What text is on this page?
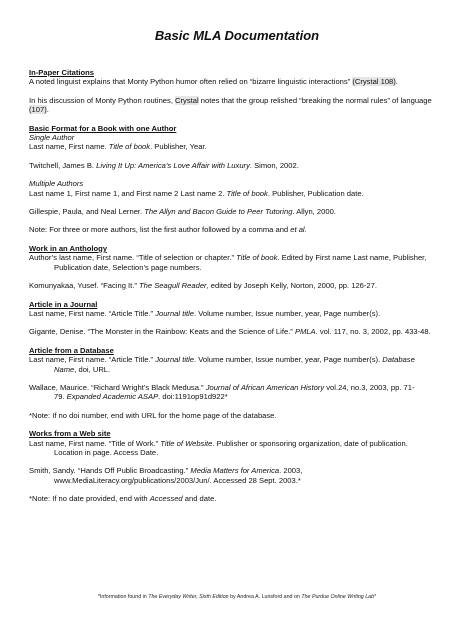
Basic MLA Documentation
In-Paper Citations
A noted linguist explains that Monty Python humor often relied on “bizarre linguistic interactions” (Crystal 108).
In his discussion of Monty Python routines, Crystal notes that the group relished “breaking the normal rules” of language
(107).
Basic Format for a Book with one Author
Single Author
Last name, First name. Title of book. Publisher, Year.
Twitchell, James B. Living It Up: America’s Love Affair with Luxury. Simon, 2002.
Multiple Authors
Last name 1, First name 1, and First name 2 Last name 2. Title of book. Publisher, Publication date.
Gillespie, Paula, and Neal Lerner. The Allyn and Bacon Guide to Peer Tutoring. Allyn, 2000.
Note: For three or more authors, list the first author followed by a comma and et al.
Work in an Anthology
Author’s last name, First name. “Title of selection or chapter.” Title of book. Edited by First name Last name, Publisher,
Publication date, Selection’s page numbers.
Komunyakaa, Yusef. “Facing It.” The Seagull Reader, edited by Joseph Kelly, Norton, 2000, pp. 126-27.
Article in a Journal
Last name, First name. “Article Title.” Journal title. Volume number, Issue number, year, Page number(s).
Gigante, Denise. “The Monster in the Rainbow: Keats and the Science of Life.” PMLA. vol. 117, no. 3, 2002, pp. 433-48.
Article from a Database
Last name, First name. “Article Title.” Journal title. Volume number, Issue number, year, Page number(s). Database
Name, doi, URL.
Wallace, Maurice. “Richard Wright’s Black Medusa.” Journal of African American History vol.24, no.3, 2003, pp. 71-
79. Expanded Academic ASAP. doi:1191op91d922*
*Note: If no doi number, end with URL for the home page of the database.
Works from a Web site
Last name, First name. “Title of Work.” Title of Website. Publisher or sponsoring organization, date of publication.
Location in page. Access Date.
Smith, Sandy. “Hands Off Public Broadcasting.” Media Matters for America. 2003,
www.MediaLiteracy.org/publications/2003/Jun/. Accessed 28 Sept. 2003.*
*Note: If no date provided, end with Accessed and date.
*Information found in The Everyday Writer, Sixth Edition by Andrea A. Lunsford and on The Purdue Online Writing Lab*
